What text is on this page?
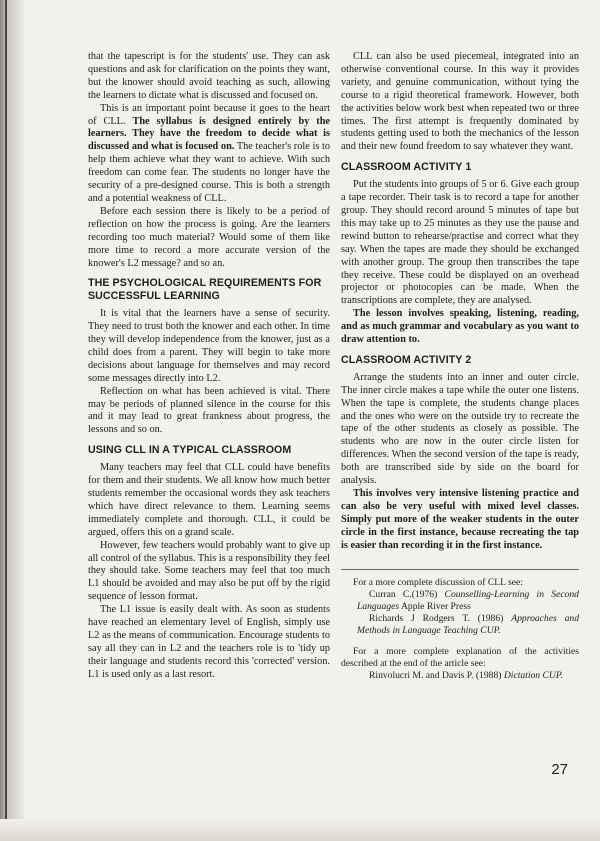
that the tapescript is for the students' use. They can ask questions and ask for clarification on the points they want, but the knower should avoid teaching as such, allowing the learners to dictate what is discussed and focused on.

This is an important point because it goes to the heart of CLL. The syllabus is designed entirely by the learners. They have the freedom to decide what is discussed and what is focused on. The teacher's role is to help them achieve what they want to achieve. With such freedom can come fear. The students no longer have the security of a pre-designed course. This is both a strength and a potential weakness of CLL.

Before each session there is likely to be a period of reflection on how the process is going. Are the learners recording too much material? Would some of them like more time to record a more accurate version of the knower's L2 message? and so an.

THE PSYCHOLOGICAL REQUIREMENTS FOR SUCCESSFUL LEARNING

It is vital that the learners have a sense of security. They need to trust both the knower and each other. In time they will develop independence from the knower, just as a child does from a parent. They will begin to take more decisions about language for themselves and may record some messages directly into L2.

Reflection on what has been achieved is vital. There may be periods of planned silence in the course for this and it may lead to great frankness about progress, the lessons and so on.

USING CLL IN A TYPICAL CLASSROOM

Many teachers may feel that CLL could have benefits for them and their students. We all know how much better students remember the occasional words they ask teachers which have direct relevance to them. Learning seems immediately complete and thorough. CLL, it could be argued, offers this on a grand scale.

However, few teachers would probably want to give up all control of the syllabus. This is a responsibility they feel they should take. Some teachers may feel that too much L1 should be avoided and may also be put off by the rigid sequence of lesson format.

The L1 issue is easily dealt with. As soon as students have reached an elementary level of English, simply use L2 as the means of communication. Encourage students to say all they can in L2 and the teachers role is to 'tidy up their language and students record this 'corrected' version. L1 is used only as a last resort.

CLL can also be used piecemeal, integrated into an otherwise conventional course. In this way it provides variety, and genuine communication, without tying the course to a rigid theoretical framework. However, both the activities below work best when repeated two or three times. The first attempt is frequently dominated by students getting used to both the mechanics of the lesson and their new found freedom to say whatever they want.

CLASSROOM ACTIVITY 1

Put the students into groups of 5 or 6. Give each group a tape recorder. Their task is to record a tape for another group. They should record around 5 minutes of tape but this may take up to 25 minutes as they use the pause and rewind button to rehearse/practise and correct what they say. When the tapes are made they should be exchanged with another group. The group then transcribes the tape they receive. These could be displayed on an overhead projector or photocopies can be made. When the transcriptions are complete, they are analysed.

The lesson involves speaking, listening, reading, and as much grammar and vocabulary as you want to draw attention to.

CLASSROOM ACTIVITY 2

Arrange the students into an inner and outer circle. The inner circle makes a tape while the outer one listens. When the tape is complete, the students change places and the ones who were on the outside try to recreate the tape of the other students as closely as possible. The students who are now in the outer circle listen for differences. When the second version of the tape is ready, both are transcribed side by side on the board for analysis.

This involves very intensive listening practice and can also be very useful with mixed level classes. Simply put more of the weaker students in the outer circle in the first instance, because recreating the tap is easier than recording it in the first instance.

For a more complete discussion of CLL see:

Curran C.(1976) Counselling-Learning in Second Languages Apple River Press

Richards J Rodgers T. (1986) Approaches and Methods in Language Teaching CUP.

For a more complete explanation of the activities described at the end of the article see:

Rinvolucri M. and Davis P. (1988) Dictation CUP.

27
